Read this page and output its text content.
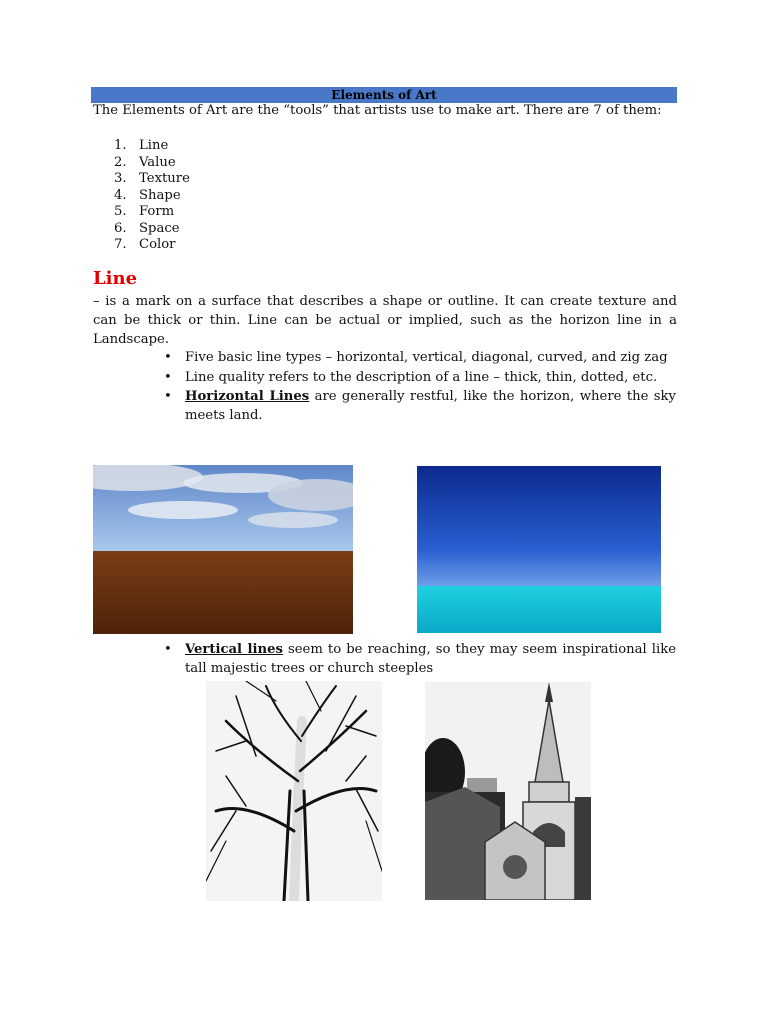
Elements of Art
The Elements of Art are the “tools” that artists use to make art. There are 7 of them:
1. Line
2. Value
3. Texture
4. Shape
5. Form
6. Space
7. Color
Line
– is a mark on a surface that describes a shape or outline. It can create texture and can be thick or thin. Line can be actual or implied, such as the horizon line in a Landscape.
• Five basic line types – horizontal, vertical, diagonal, curved, and zig zag
• Line quality refers to the description of a line – thick, thin, dotted, etc.
• Horizontal Lines are generally restful, like the horizon, where the sky meets land.
• Vertical lines seem to be reaching, so they may seem inspirational like tall majestic trees or church steeples
